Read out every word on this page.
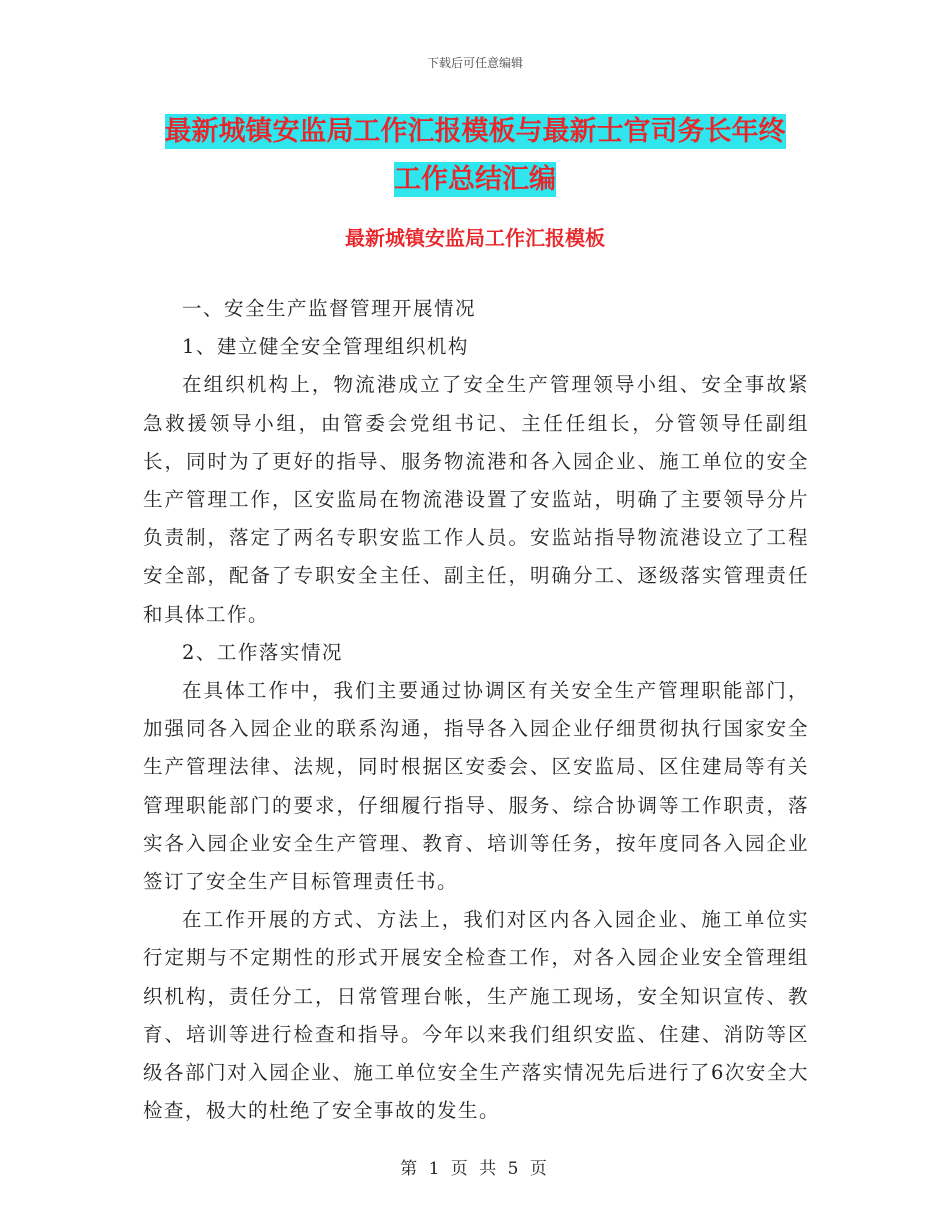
下载后可任意编辑
最新城镇安监局工作汇报模板与最新士官司务长年终
工作总结汇编
最新城镇安监局工作汇报模板

一、安全生产监督管理开展情况

1、建立健全安全管理组织机构

在组织机构上，物流港成立了安全生产管理领导小组、安全事故紧急救援领导小组，由管委会党组书记、主任任组长，分管领导任副组长，同时为了更好的指导、服务物流港和各入园企业、施工单位的安全生产管理工作，区安监局在物流港设置了安监站，明确了主要领导分片负责制，落定了两名专职安监工作人员。安监站指导物流港设立了工程安全部，配备了专职安全主任、副主任，明确分工、逐级落实管理责任和具体工作。

2、工作落实情况

在具体工作中，我们主要通过协调区有关安全生产管理职能部门，加强同各入园企业的联系沟通，指导各入园企业仔细贯彻执行国家安全生产管理法律、法规，同时根据区安委会、区安监局、区住建局等有关管理职能部门的要求，仔细履行指导、服务、综合协调等工作职责，落实各入园企业安全生产管理、教育、培训等任务，按年度同各入园企业签订了安全生产目标管理责任书。

在工作开展的方式、方法上，我们对区内各入园企业、施工单位实行定期与不定期性的形式开展安全检查工作，对各入园企业安全管理组织机构，责任分工，日常管理台帐，生产施工现场，安全知识宣传、教育、培训等进行检查和指导。今年以来我们组织安监、住建、消防等区级各部门对入园企业、施工单位安全生产落实情况先后进行了6次安全大检查，极大的杜绝了安全事故的发生。

第 1 页 共 5 页
